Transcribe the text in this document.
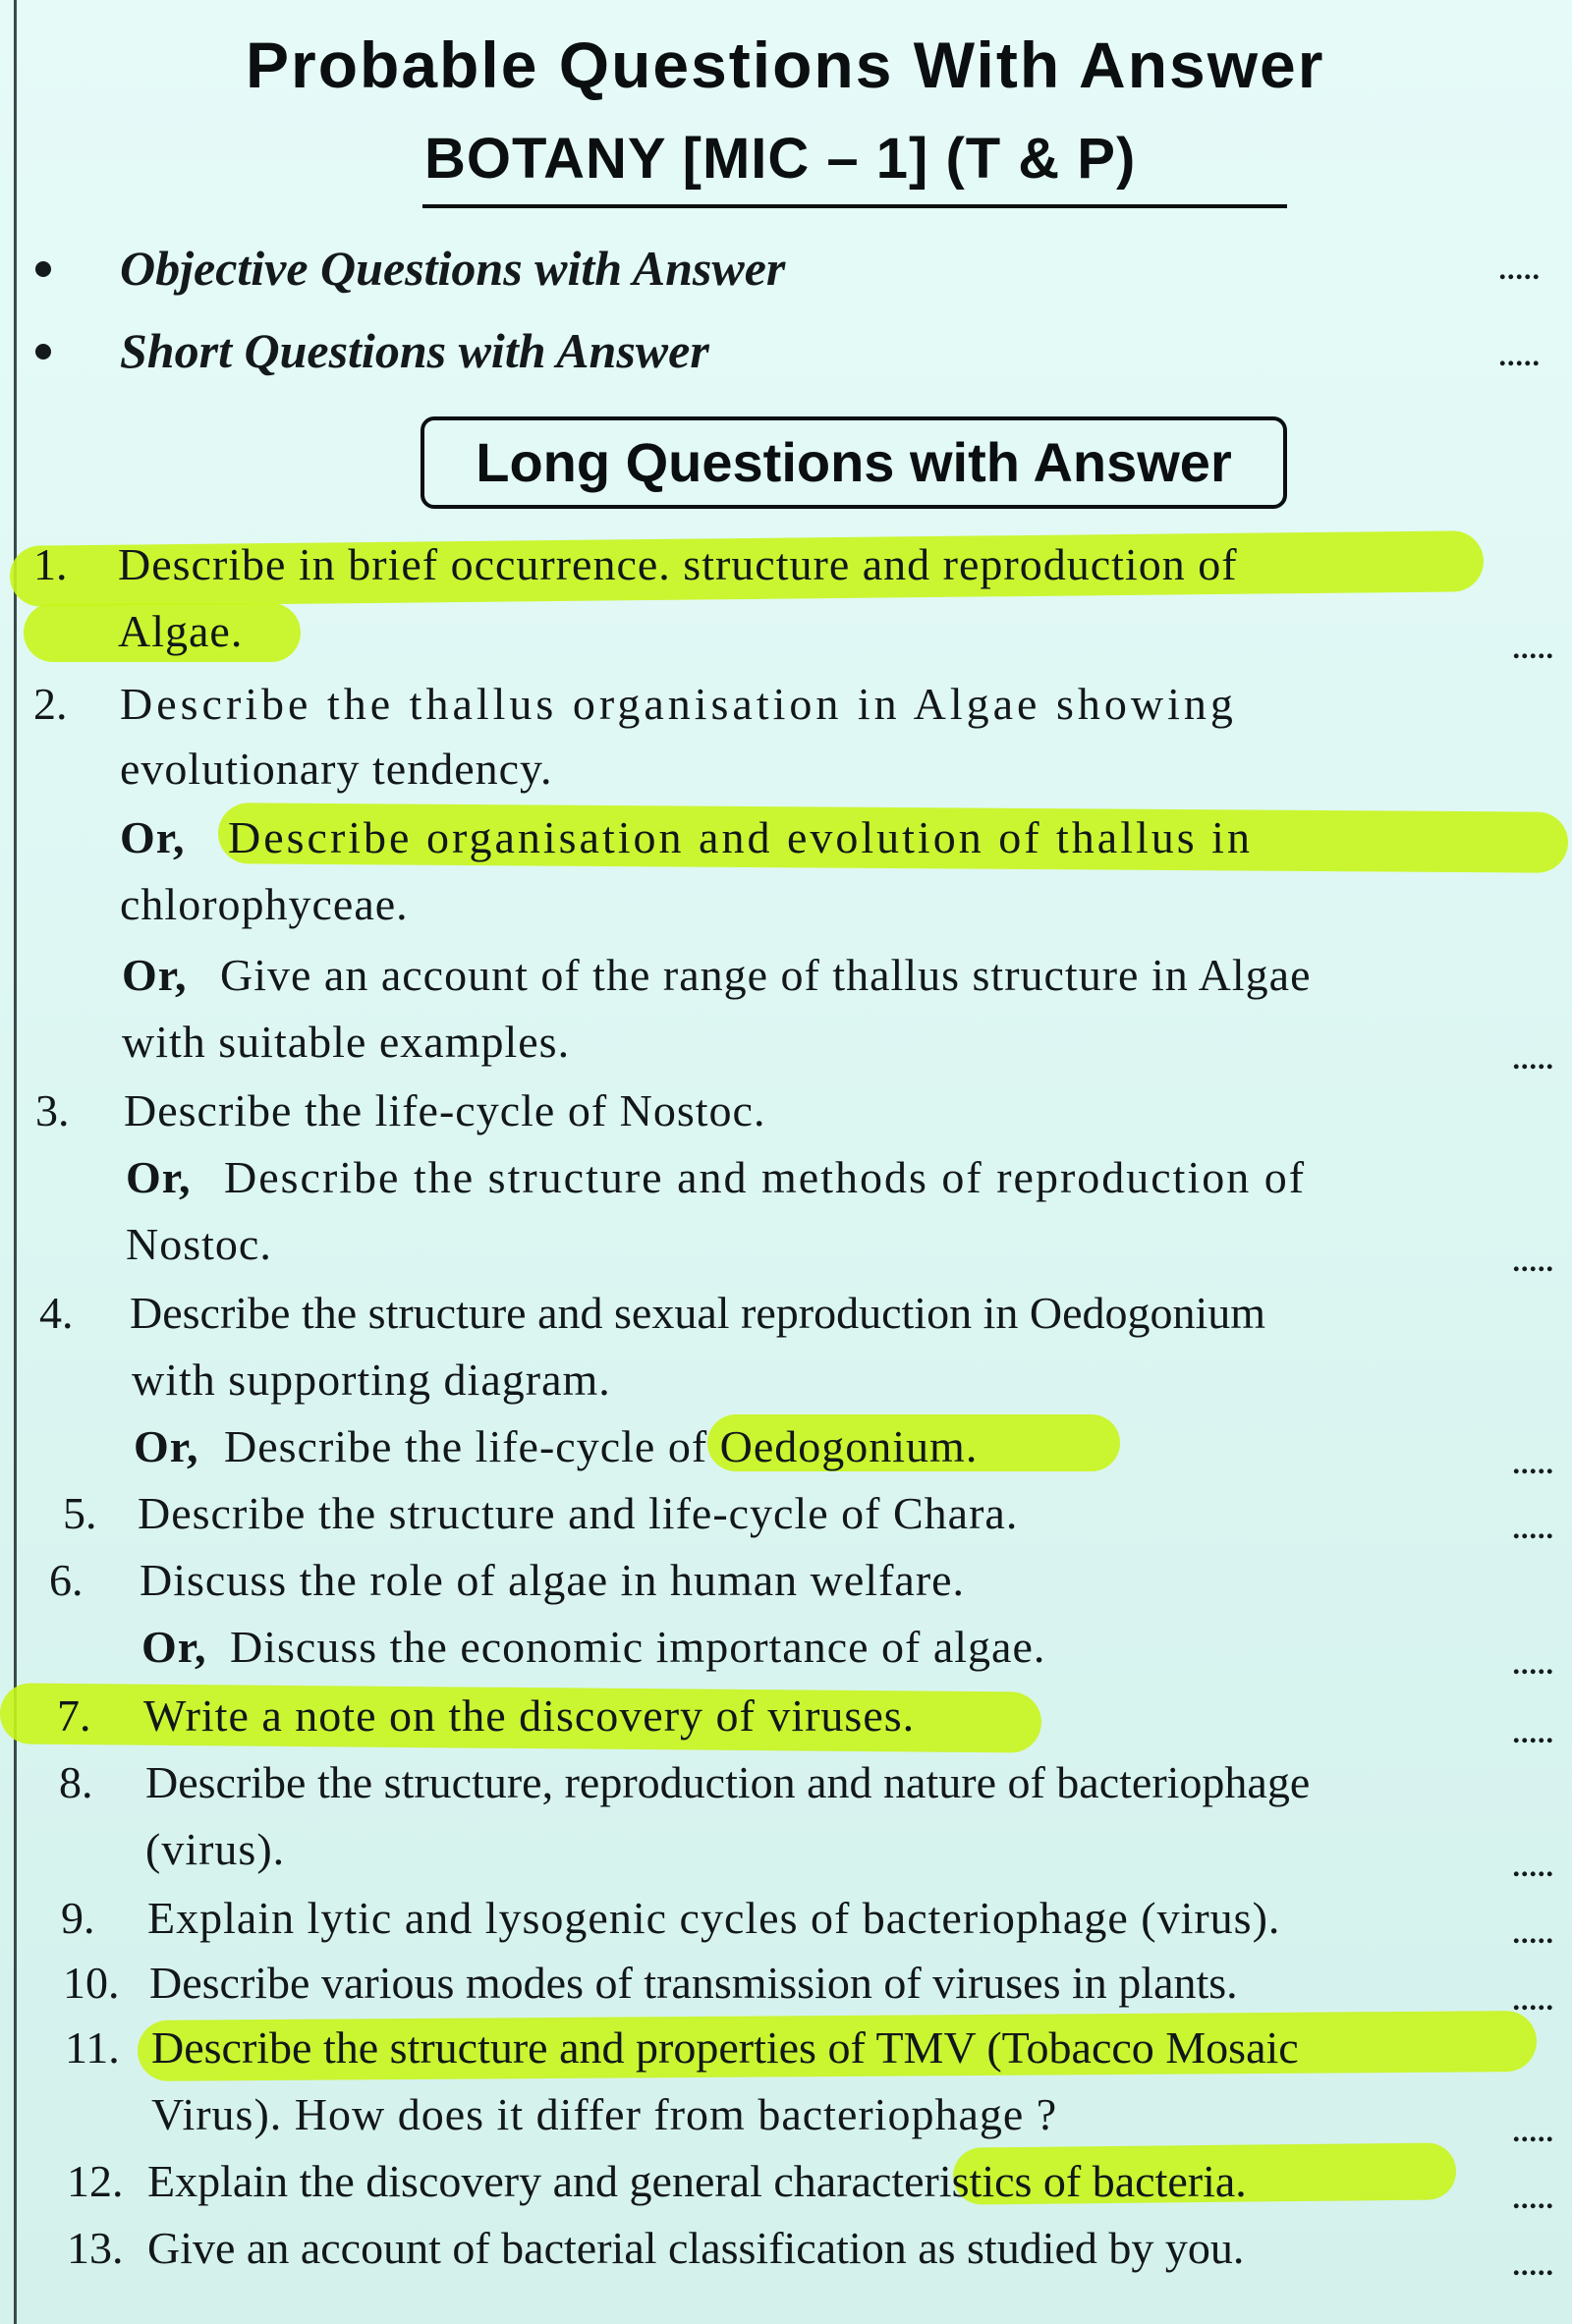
Probable Questions With Answer
BOTANY [MIC – 1] (T & P)
Objective Questions with Answer	.....
Short Questions with Answer	.....
Long Questions with Answer
1. Describe in brief occurrence. structure and reproduction of
Algae.	.....
2. Describe the thallus organisation in Algae showing
evolutionary tendency.
Or, Describe organisation and evolution of thallus in
chlorophyceae.
Or, Give an account of the range of thallus structure in Algae
with suitable examples.	.....
3. Describe the life-cycle of Nostoc.
Or, Describe the structure and methods of reproduction of
Nostoc.	.....
4. Describe the structure and sexual reproduction in Oedogonium
with supporting diagram.
Or, Describe the life-cycle of Oedogonium.	.....
5. Describe the structure and life-cycle of Chara.	.....
6. Discuss the role of algae in human welfare.
Or, Discuss the economic importance of algae.	.....
7. Write a note on the discovery of viruses.	.....
8. Describe the structure, reproduction and nature of bacteriophage
(virus).	.....
9. Explain lytic and lysogenic cycles of bacteriophage (virus).	.....
10. Describe various modes of transmission of viruses in plants.	.....
11. Describe the structure and properties of TMV (Tobacco Mosaic
Virus). How does it differ from bacteriophage ?	.....
12. Explain the discovery and general characteristics of bacteria.	.....
13. Give an account of bacterial classification as studied by you.	.....
